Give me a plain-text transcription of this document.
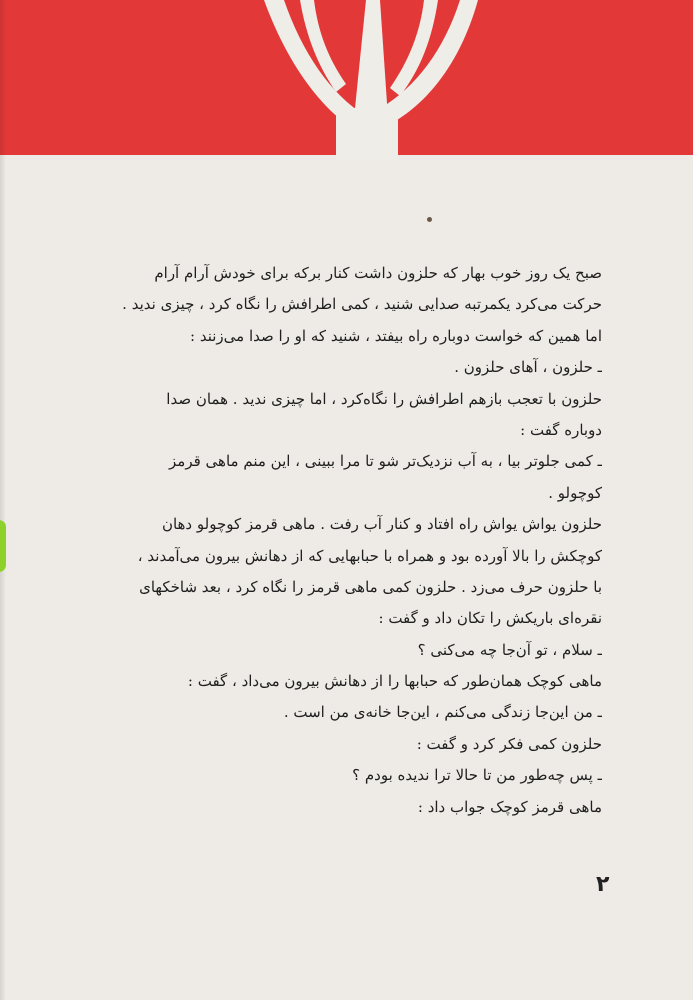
صبح یک روز خوب بهار که حلزون داشت کنار برکه برای خودش آرام آرام
حرکت می‌کرد یکمرتبه صدایی شنید ، کمی اطرافش را نگاه کرد ، چیزی ندید .
اما همین که خواست دوباره راه بیفتد ، شنید که او را صدا می‌زنند :
ـ حلزون ، آهای حلزون .
حلزون با تعجب بازهم اطرافش را نگاه‌کرد ، اما چیزی ندید . همان صدا
دوباره گفت :
ـ کمی جلوتر بیا ، به آب نزدیک‌تر شو تا مرا ببینی ، این منم ماهی قرمز
کوچولو .
حلزون یواش یواش راه افتاد و کنار آب رفت . ماهی قرمز کوچولو دهان
کوچکش را بالا آورده بود و همراه با حبابهایی که از دهانش بیرون می‌آمدند ،
با حلزون حرف می‌زد . حلزون کمی ماهی قرمز را نگاه کرد ، بعد شاخکهای
نقره‌ای باریکش را تکان داد و گفت :
ـ سلام ، تو آن‌جا چه می‌کنی ؟
ماهی کوچک همان‌طور که حبابها را از دهانش بیرون می‌داد ، گفت :
ـ من این‌جا زندگی می‌کنم ، این‌جا خانه‌ی من است .
حلزون کمی فکر کرد و گفت :
ـ پس چه‌طور من تا حالا ترا ندیده بودم ؟
ماهی قرمز کوچک جواب داد :
۲
